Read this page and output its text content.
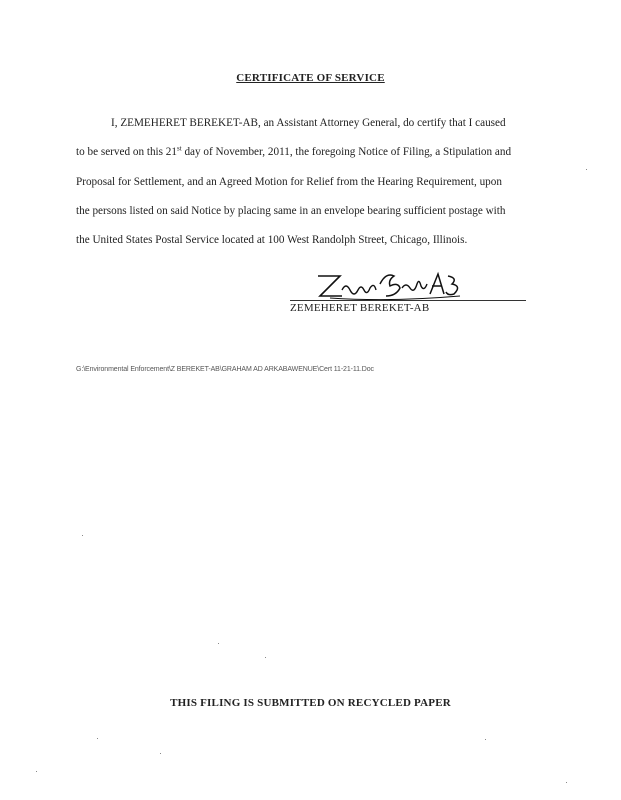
CERTIFICATE OF SERVICE
I, ZEMEHERET BEREKET-AB, an Assistant Attorney General, do certify that I caused
to be served on this 21st day of November, 2011, the foregoing Notice of Filing, a Stipulation and
Proposal for Settlement, and an Agreed Motion for Relief from the Hearing Requirement, upon
the persons listed on said Notice by placing same in an envelope bearing sufficient postage with
the United States Postal Service located at 100 West Randolph Street, Chicago, Illinois.
ZEMEHERET BEREKET-AB
G:\Environmental Enforcement\Z BEREKET-AB\GRAHAM AD ARKABAWENUE\Cert 11-21-11.Doc
THIS FILING IS SUBMITTED ON RECYCLED PAPER
